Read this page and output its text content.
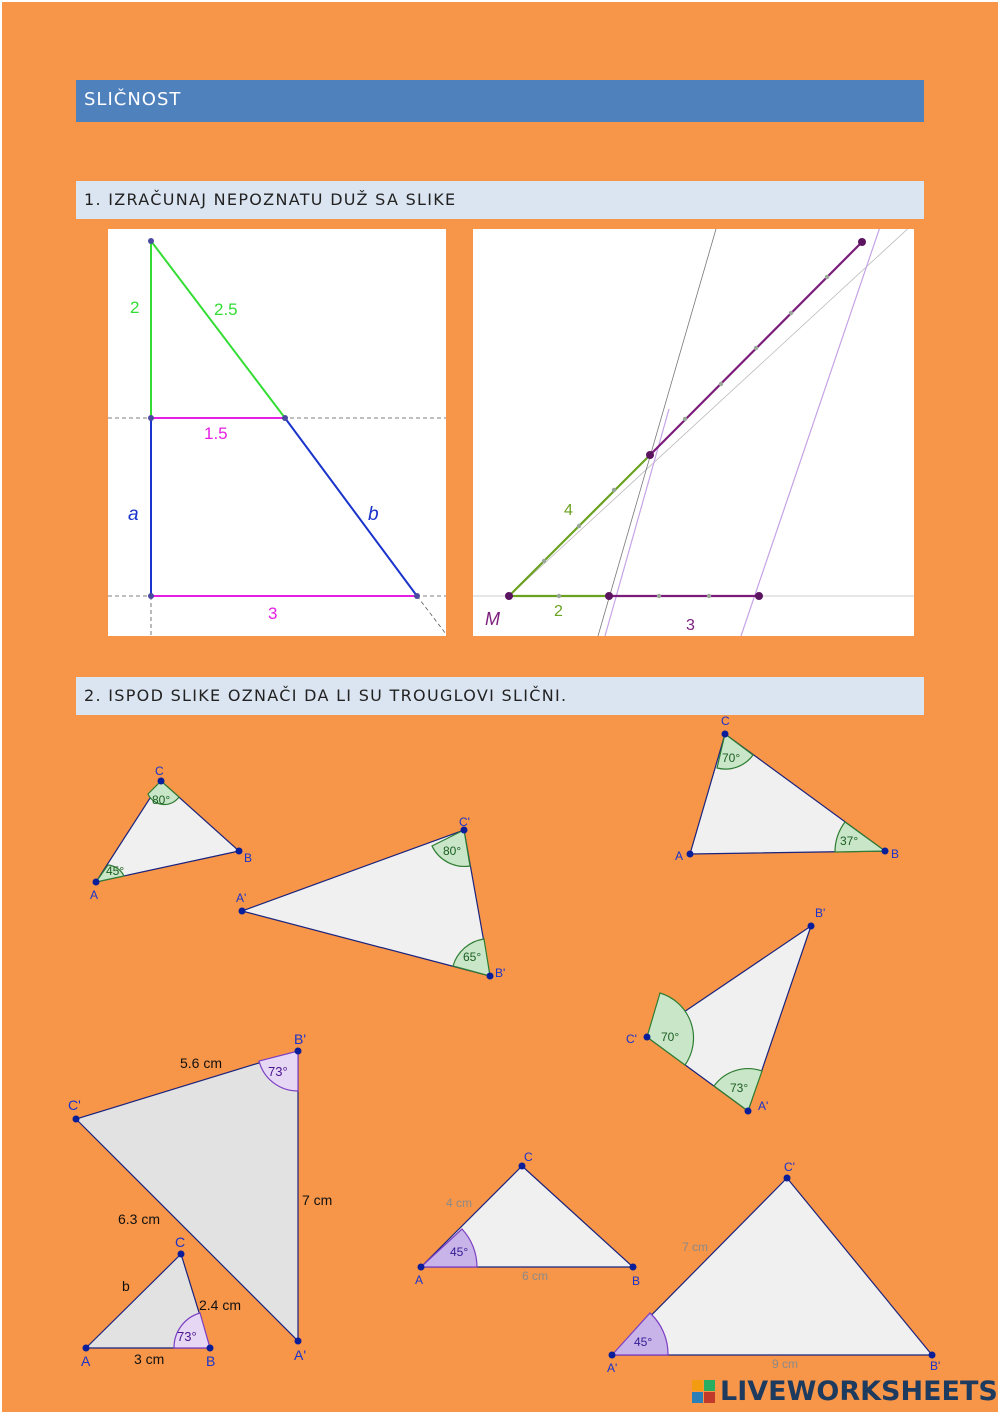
SLIČNOST
1. IZRAČUNAJ NEPOZNATU DUŽ SA SLIKE
2	2.5
1.5
a	b
3
4
M	2
3
2. ISPOD SLIKE OZNAČI DA LI SU TROUGLOVI SLIČNI.
A
B
C
80°
45°
A'
B'
C'
80°
65°
A	B
C
70°
37°
C'
A'
B'
70°
73°
C'
A'
B'
73°
5.6 cm
7 cm
6.3 cm
A	B
C
73°
b
2.4 cm
3 cm
A	B
C
45°
4 cm
6 cm
A'	B'
C'
45°
7 cm
9 cm
LIVEWORKSHEETS
